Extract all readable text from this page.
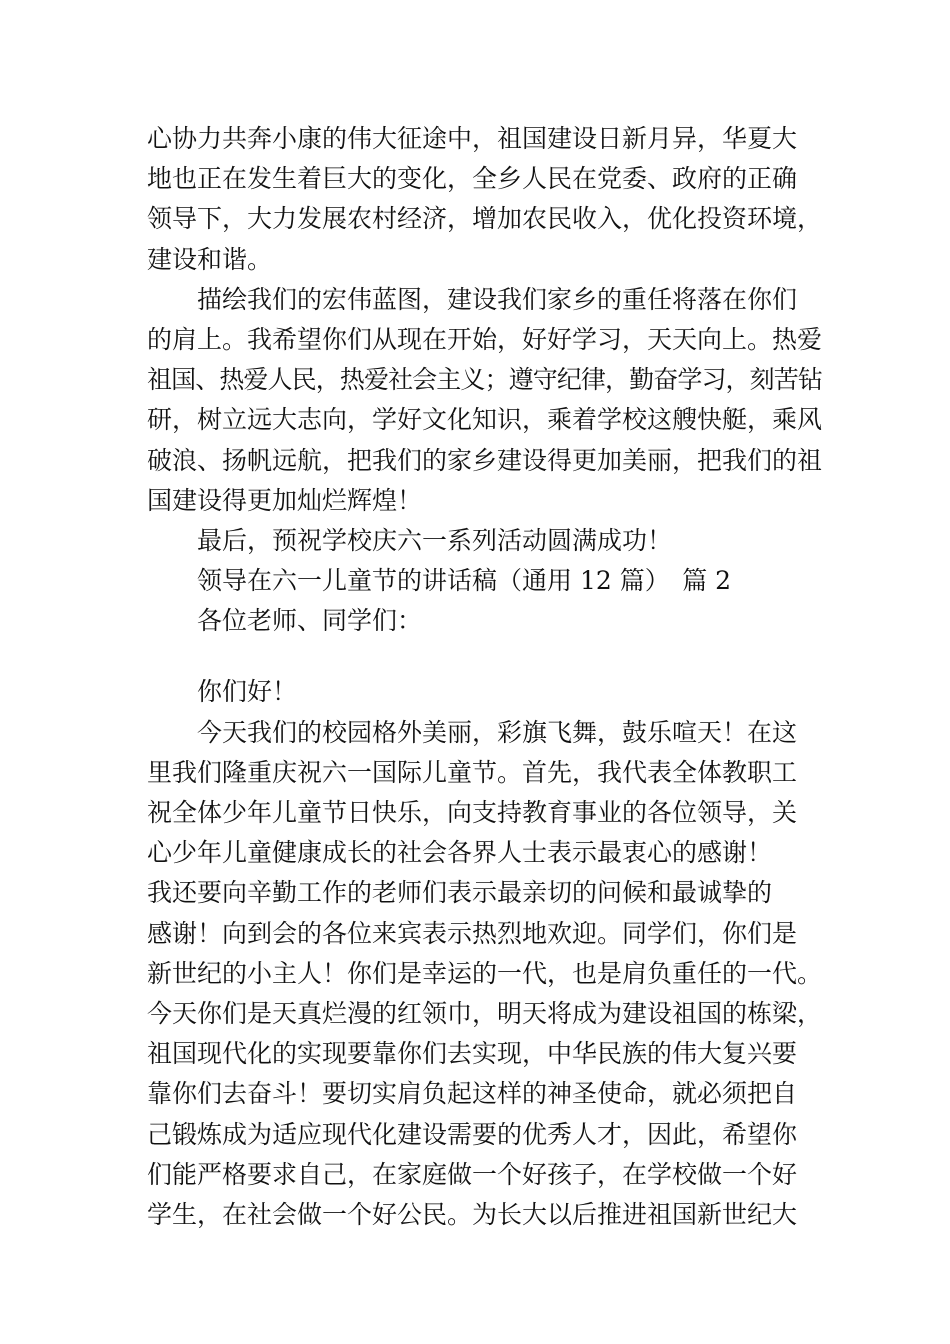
心协力共奔小康的伟大征途中，祖国建设日新月异，华夏大
地也正在发生着巨大的变化，全乡人民在党委、政府的正确
领导下，大力发展农村经济，增加农民收入，优化投资环境，
建设和谐。
描绘我们的宏伟蓝图，建设我们家乡的重任将落在你们
的肩上。我希望你们从现在开始，好好学习，天天向上。热爱
祖国、热爱人民，热爱社会主义；遵守纪律，勤奋学习，刻苦钻
研，树立远大志向，学好文化知识，乘着学校这艘快艇，乘风
破浪、扬帆远航，把我们的家乡建设得更加美丽，把我们的祖
国建设得更加灿烂辉煌！
最后，预祝学校庆六一系列活动圆满成功！
领导在六一儿童节的讲话稿（通用 12 篇）　篇 2
各位老师、同学们：
你们好！
今天我们的校园格外美丽，彩旗飞舞，鼓乐喧天！在这
里我们隆重庆祝六一国际儿童节。首先，我代表全体教职工
祝全体少年儿童节日快乐，向支持教育事业的各位领导，关
心少年儿童健康成长的社会各界人士表示最衷心的感谢！
我还要向辛勤工作的老师们表示最亲切的问候和最诚挚的
感谢！向到会的各位来宾表示热烈地欢迎。同学们，你们是
新世纪的小主人！你们是幸运的一代，也是肩负重任的一代。
今天你们是天真烂漫的红领巾，明天将成为建设祖国的栋梁，
祖国现代化的实现要靠你们去实现，中华民族的伟大复兴要
靠你们去奋斗！要切实肩负起这样的神圣使命，就必须把自
己锻炼成为适应现代化建设需要的优秀人才，因此，希望你
们能严格要求自己，在家庭做一个好孩子，在学校做一个好
学生，在社会做一个好公民。为长大以后推进祖国新世纪大
